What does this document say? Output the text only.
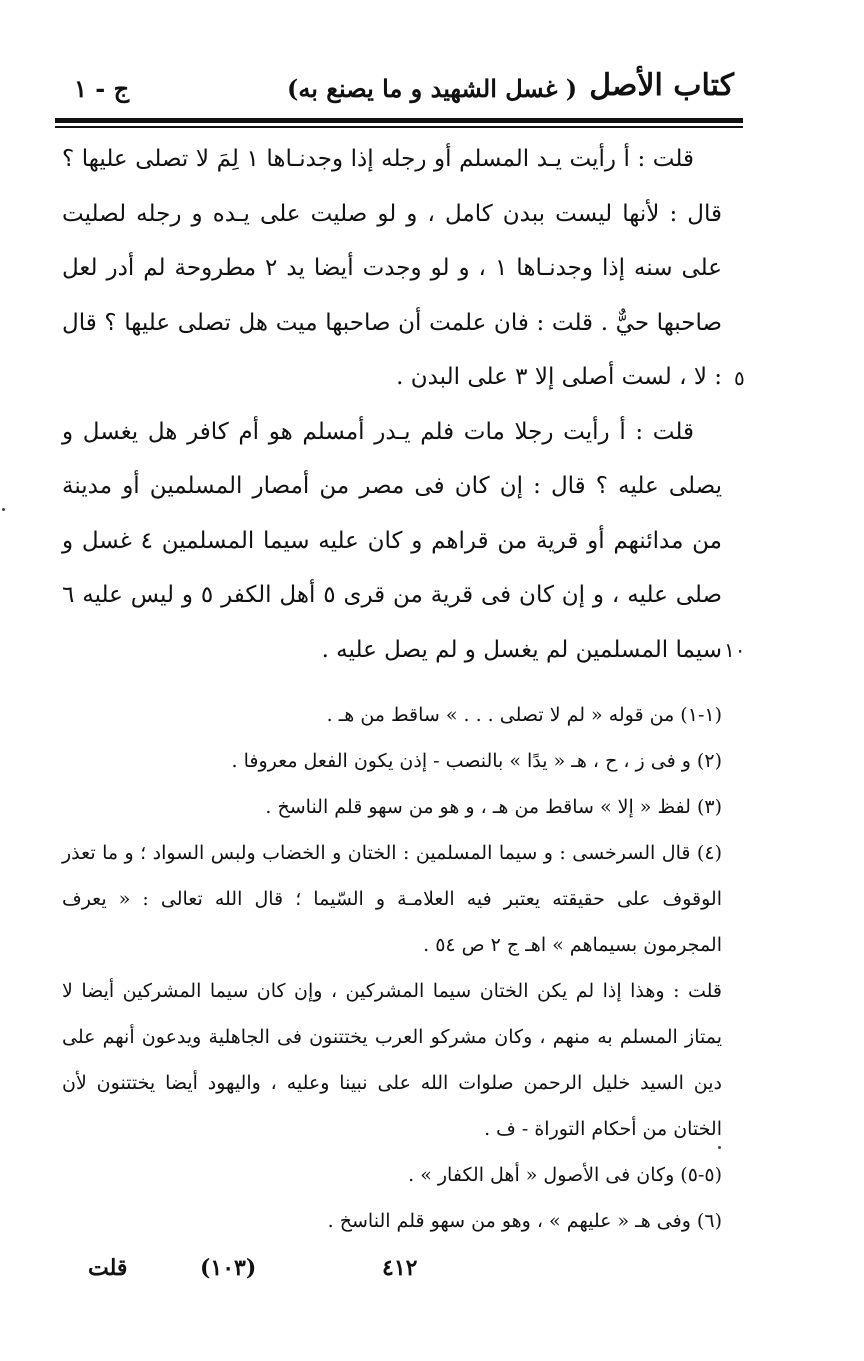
كتاب الأصل
(غسل الشهيد و ما يصنع به )
ج - ١

قلت : أ رأيت يـد المسلم أو رجله إذا وجدنـاها ١ لِمَ لا تصلى عليها ؟ قال : لأنها ليست ببدن كامل ، و لو صليت على يـده و رجله لصليت على سنه إذا وجدنـاها ١ ، و لو وجدت أيضا يد ٢ مطروحة لم أدر لعل صاحبها حيٌّ . قلت : فان علمت أن صاحبها ميت هل تصلى عليها ؟ قال : لا ، لست أصلى إلا ٣ على البدن .

قلت : أ رأيت رجلا مات فلم يـدر أمسلم هو أم كافر هل يغسل و يصلى عليه ؟ قال : إن كان فى مصر من أمصار المسلمين أو مدينة من مدائنهم أو قرية من قراهم و كان عليه سيما المسلمين ٤ غسل و صلى عليه ، و إن كان فى قرية من قرى ٥ أهل الكفر ٥ و ليس عليه ٦ سيما المسلمين لم يغسل و لم يصل عليه .

٥
١٠

(١-١) من قوله « لم لا تصلى . . . » ساقط من هـ .

(٢) و فى ز ، ح ، هـ « يدًا » بالنصب - إذن يكون الفعل معروفا .

(٣) لفظ « إلا » ساقط من هـ ، و هو من سهو قلم الناسخ .

(٤) قال السرخسى : و سيما المسلمين : الختان و الخضاب ولبس السواد ؛ و ما تعذر الوقوف على حقيقته يعتبر فيه العلامـة و السّيما ؛ قال الله تعالى : « يعرف المجرمون بسيماهم » اهـ ج ٢ ص ٥٤ .

قلت : وهذا إذا لم يكن الختان سيما المشركين ، وإن كان سيما المشركين أيضا لا يمتاز المسلم به منهم ، وكان مشركو العرب يختتنون فى الجاهلية ويدعون أنهم على دين السيد خليل الرحمن صلوات الله على نبينا وعليه ، واليهود أيضا يختتنون لأن الختان من أحكام التوراة - ف .

(٥-٥) وكان فى الأصول « أهل الكفار » .

(٦) وفى هـ « عليهم » ، وهو من سهو قلم الناسخ .

٤١٢
(١٠٣)
قلت
